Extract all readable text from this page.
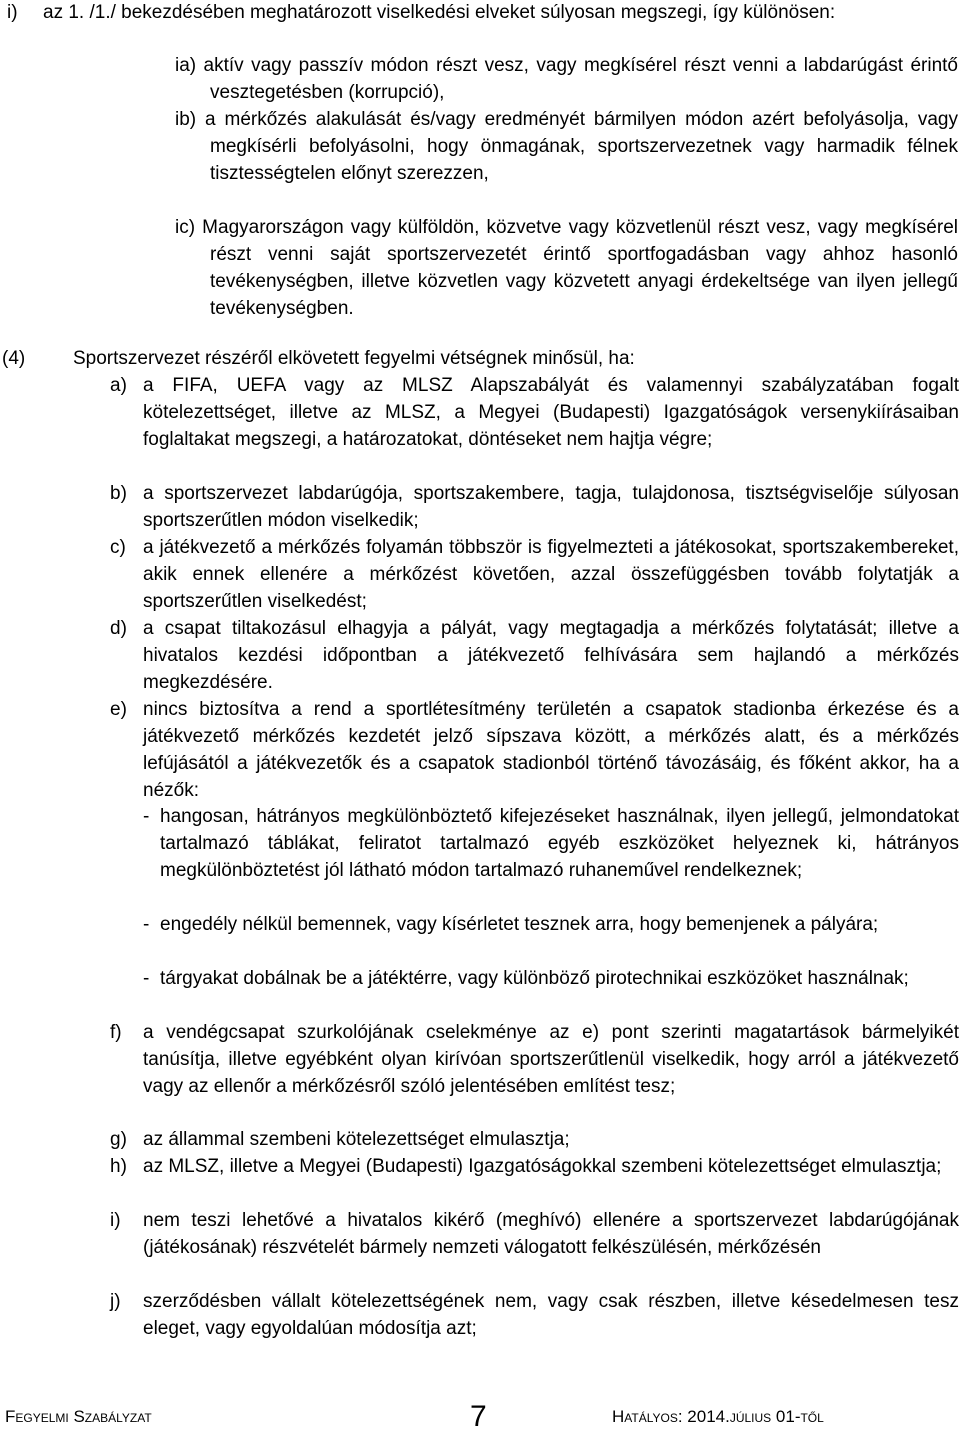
i)	az 1. /1./ bekezdésében meghatározott viselkedési elveket súlyosan megszegi, így különösen:
ia) aktív vagy passzív módon részt vesz, vagy megkísérel részt venni a labdarúgást érintő vesztegetésben (korrupció),
ib) a mérkőzés alakulását és/vagy eredményét bármilyen módon azért befolyásolja, vagy megkísérli befolyásolni, hogy önmagának, sportszervezetnek vagy harmadik félnek tisztességtelen előnyt szerezzen,
ic) Magyarországon vagy külföldön, közvetve vagy közvetlenül részt vesz, vagy megkísérel részt venni saját sportszervezetét érintő sportfogadásban vagy ahhoz hasonló tevékenységben, illetve közvetlen vagy közvetett anyagi érdekeltsége van ilyen jellegű tevékenységben.
(4)	Sportszervezet részéről elkövetett fegyelmi vétségnek minősül, ha:
a) a FIFA, UEFA vagy az MLSZ Alapszabályát és valamennyi szabályzatában fogalt kötelezettséget, illetve az MLSZ, a Megyei (Budapesti) Igazgatóságok versenykiírásaiban foglaltakat megszegi, a határozatokat, döntéseket nem hajtja végre;
b) a sportszervezet labdarúgója, sportszakembere, tagja, tulajdonosa, tisztségviselője súlyosan sportszerűtlen módon viselkedik;
c) a játékvezető a mérkőzés folyamán többször is figyelmezteti a játékosokat, sportszakembereket, akik ennek ellenére a mérkőzést követően, azzal összefüggésben tovább folytatják a sportszerűtlen viselkedést;
d) a csapat tiltakozásul elhagyja a pályát, vagy megtagadja a mérkőzés folytatását; illetve a hivatalos kezdési időpontban a játékvezető felhívására sem hajlandó a mérkőzés megkezdésére.
e) nincs biztosítva a rend a sportlétesítmény területén a csapatok stadionba érkezése és a játékvezető mérkőzés kezdetét jelző sípszava között, a mérkőzés alatt, és a mérkőzés lefújásától a játékvezetők és a csapatok stadionból történő távozásáig, és főként akkor, ha a nézők:
- hangosan, hátrányos megkülönböztető kifejezéseket használnak, ilyen jellegű, jelmondatokat tartalmazó táblákat, feliratot tartalmazó egyéb eszközöket helyeznek ki, hátrányos megkülönböztetést jól látható módon tartalmazó ruhaneművel rendelkeznek;
- engedély nélkül bemennek, vagy kísérletet tesznek arra, hogy bemenjenek a pályára;
- tárgyakat dobálnak be a játéktérre, vagy különböző pirotechnikai eszközöket használnak;
f) a vendégcsapat szurkolójának cselekménye az e) pont szerinti magatartások bármelyikét tanúsítja, illetve egyébként olyan kirívóan sportszerűtlenül viselkedik, hogy arról a játékvezető vagy az ellenőr a mérkőzésről szóló jelentésében említést tesz;
g) az állammal szembeni kötelezettséget elmulasztja;
h) az MLSZ, illetve a Megyei (Budapesti) Igazgatóságokkal szembeni kötelezettséget elmulasztja;
i) nem teszi lehetővé a hivatalos kikérő (meghívó) ellenére a sportszervezet labdarúgójának (játékosának) részvételét bármely nemzeti válogatott felkészülésén, mérkőzésén
j) szerződésben vállalt kötelezettségének nem, vagy csak részben, illetve késedelmesen tesz eleget, vagy egyoldalúan módosítja azt;
Fegyelmi Szabályzat	7	Hatályos: 2014.július 01-től
